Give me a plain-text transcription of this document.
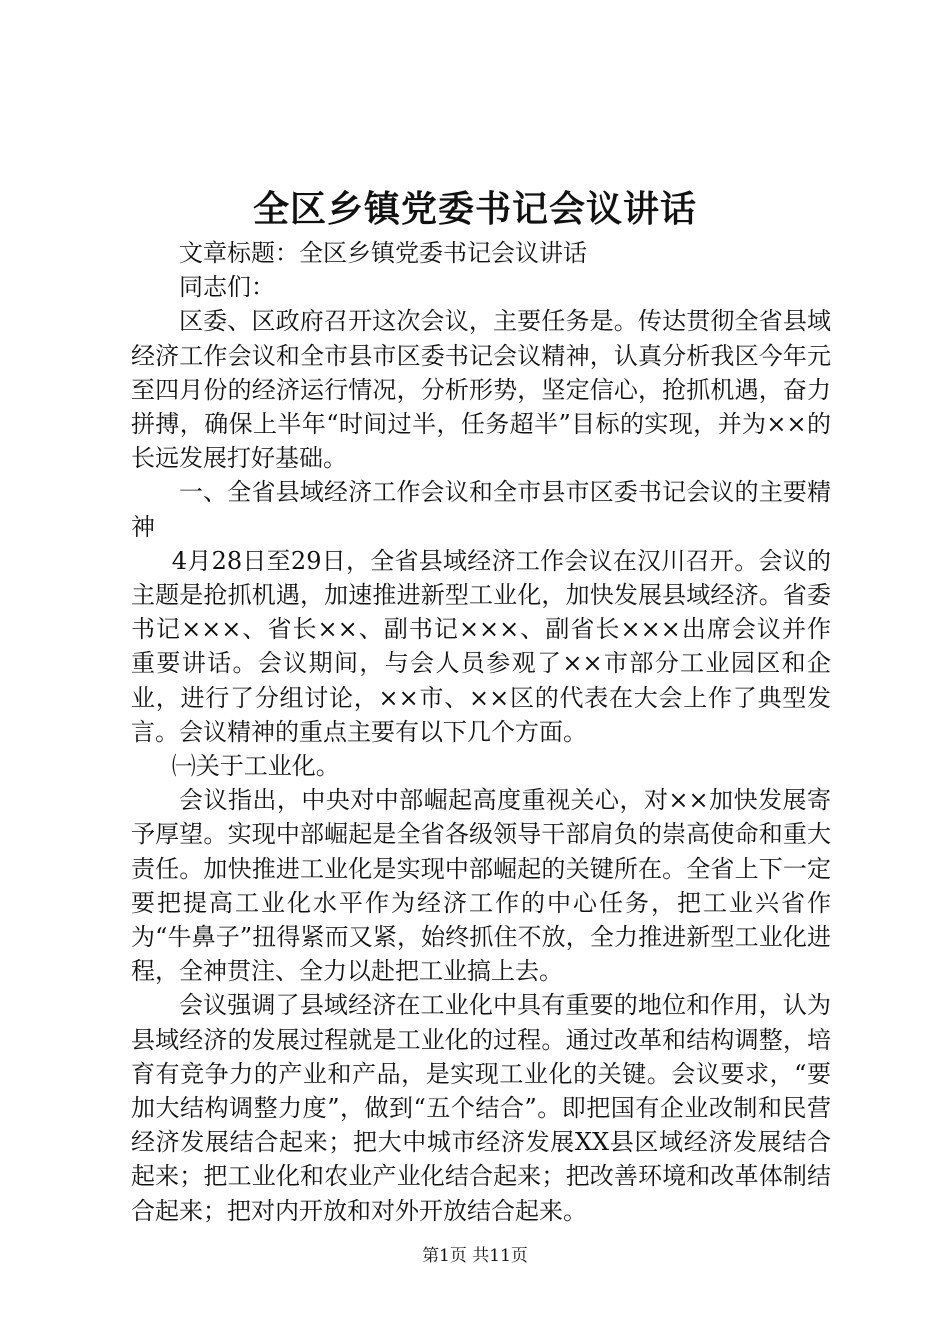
全区乡镇党委书记会议讲话

文章标题：全区乡镇党委书记会议讲话

同志们：

区委、区政府召开这次会议，主要任务是。传达贯彻全省县域经济工作会议和全市县市区委书记会议精神，认真分析我区今年元至四月份的经济运行情况，分析形势，坚定信心，抢抓机遇，奋力拼搏，确保上半年“时间过半，任务超半”目标的实现，并为××的长远发展打好基础。

一、全省县域经济工作会议和全市县市区委书记会议的主要精神

4月28日至29日，全省县域经济工作会议在汉川召开。会议的主题是抢抓机遇，加速推进新型工业化，加快发展县域经济。省委书记×××、省长××、副书记×××、副省长×××出席会议并作重要讲话。会议期间，与会人员参观了××市部分工业园区和企业，进行了分组讨论，××市、××区的代表在大会上作了典型发言。会议精神的重点主要有以下几个方面。

㈠关于工业化。

会议指出，中央对中部崛起高度重视关心，对××加快发展寄予厚望。实现中部崛起是全省各级领导干部肩负的崇高使命和重大责任。加快推进工业化是实现中部崛起的关键所在。全省上下一定要把提高工业化水平作为经济工作的中心任务，把工业兴省作为“牛鼻子”扭得紧而又紧，始终抓住不放，全力推进新型工业化进程，全神贯注、全力以赴把工业搞上去。

会议强调了县域经济在工业化中具有重要的地位和作用，认为县域经济的发展过程就是工业化的过程。通过改革和结构调整，培育有竞争力的产业和产品，是实现工业化的关键。会议要求，“要加大结构调整力度”，做到“五个结合”。即把国有企业改制和民营经济发展结合起来；把大中城市经济发展XX县区域经济发展结合起来；把工业化和农业产业化结合起来；把改善环境和改革体制结合起来；把对内开放和对外开放结合起来。

第1页 共11页
